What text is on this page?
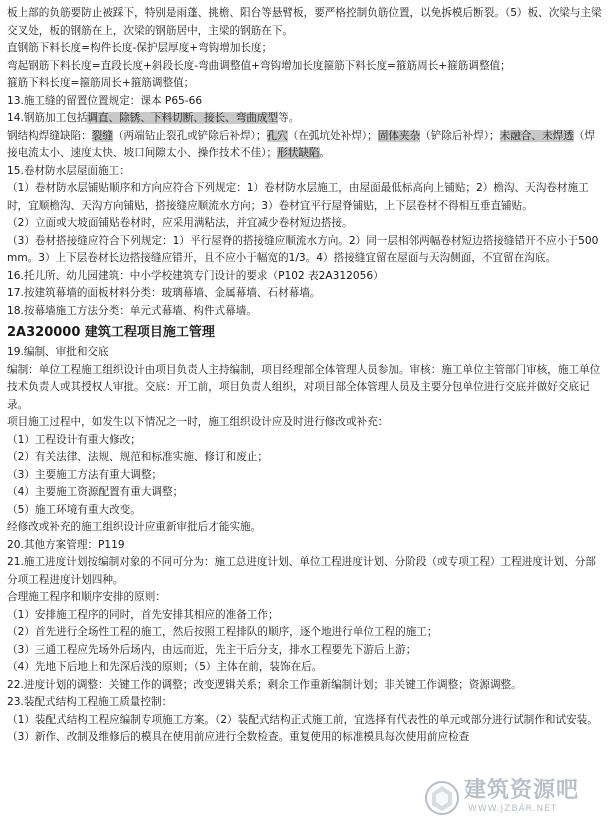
板上部的负筋要防止被踩下，特别是雨蓬、挑檐、阳台等悬臂板，要严格控制负筋位置，以免拆模后断裂。（5）板、次梁与主梁交叉处，板的钢筋在上，次梁的钢筋居中，主梁的钢筋在下。

直钢筋下料长度=构件长度-保护层厚度+弯钩增加长度；

弯起钢筋下料长度=直段长度+斜段长度-弯曲调整值+弯钩增加长度箍筋下料长度=箍筋周长+箍筋调整值；

箍筋下料长度=箍筋周长+箍筋调整值；

13.施工缝的留置位置规定：课本 P65-66

14.钢筋加工包括调直、除锈、下料切断、接长、弯曲成型等。

钢结构焊缝缺陷：裂缝（两端钻止裂孔或铲除后补焊）；孔穴（在弧坑处补焊）；固体夹杂（铲除后补焊）；未融合、未焊透（焊接电流太小、速度太快、坡口间隙太小、操作技术不佳）；形状缺陷。

15.卷材防水层屋面施工：

（1）卷材防水层铺贴顺序和方向应符合下列规定：1）卷材防水层施工，由屋面最低标高向上铺贴；2）檐沟、天沟卷材施工时，宜顺檐沟、天沟方向铺贴，搭接缝应顺流水方向；3）卷材宜平行屋脊铺贴，上下层卷材不得相互垂直铺贴。

（2）立面或大坡面铺贴卷材时，应采用满粘法，并宜减少卷材短边搭接。

（3）卷材搭接缝应符合下列规定：1）平行屋脊的搭接缝应顺流水方向。2）同一层相邻两幅卷材短边搭接缝错开不应小于500mm。3）上下层卷材长边搭接缝应错开，且不应小于幅宽的1/3。4）搭接缝宜留在屋面与天沟侧面，不宜留在沟底。

16.托儿所、幼儿园建筑：中小学校建筑专门设计的要求（P102 表2A312056）

17.按建筑幕墙的面板材料分类：玻璃幕墙、金属幕墙、石材幕墙。

18.按幕墙施工方法分类：单元式幕墙、构件式幕墙。

2A320000 建筑工程项目施工管理

19.编制、审批和交底

编制：单位工程施工组织设计由项目负责人主持编制，项目经理部全体管理人员参加。审核：施工单位主管部门审核，施工单位技术负责人或其授权人审批。交底：开工前，项目负责人组织，对项目部全体管理人员及主要分包单位进行交底并做好交底记录。

项目施工过程中，如发生以下情况之一时，施工组织设计应及时进行修改或补充：

（1）工程设计有重大修改；

（2）有关法律、法规、规范和标准实施、修订和废止；

（3）主要施工方法有重大调整；

（4）主要施工资源配置有重大调整；

（5）施工环境有重大改变。

经修改或补充的施工组织设计应重新审批后才能实施。

20.其他方案管理：P119

21.施工进度计划按编制对象的不同可分为：施工总进度计划、单位工程进度计划、分阶段（或专项工程）工程进度计划、分部分项工程进度计划四种。

合理施工程序和顺序安排的原则：

（1）安排施工程序的同时，首先安排其相应的准备工作；

（2）首先进行全场性工程的施工，然后按照工程排队的顺序，逐个地进行单位工程的施工；

（3）三通工程应先场外后场内，由远而近，先主干后分支，排水工程要先下游后上游；

（4）先地下后地上和先深后浅的原则；（5）主体在前，装饰在后。

22.进度计划的调整：关键工作的调整；改变逻辑关系；剩余工作重新编制计划；非关键工作调整；资源调整。

23.装配式结构工程施工质量控制：

（1）装配式结构工程应编制专项施工方案。（2）装配式结构正式施工前，宜选择有代表性的单元或部分进行试制作和试安装。（3）新作、改制及维修后的模具在使用前应进行全数检查。重复使用的标准模具每次使用前应检查

建筑资源吧
WWW.JZBAR.NET
